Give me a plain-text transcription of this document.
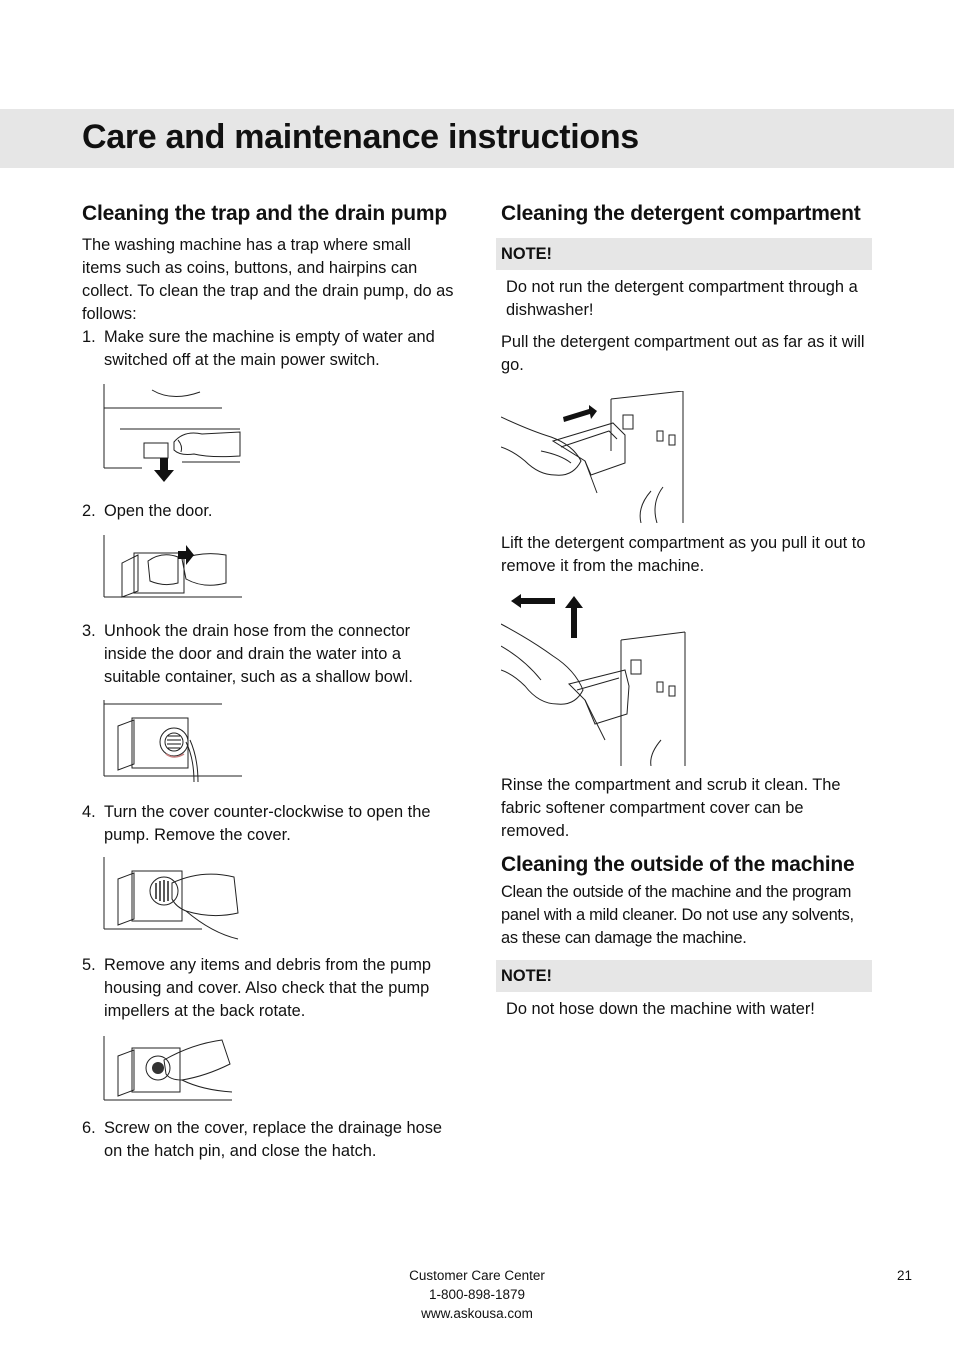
Care and maintenance instructions
Cleaning the trap and the drain pump

The washing machine has a trap where small items such as coins, buttons, and hairpins can collect. To clean the trap and the drain pump, do as follows:

1. Make sure the machine is empty of water and switched off at the main power switch.
2. Open the door.
3. Unhook the drain hose from the connector inside the door and drain the water into a suitable container, such as a shallow bowl.
4. Turn the cover counter-clockwise to open the pump. Remove the cover.
5. Remove any items and debris from the pump housing and cover. Also check that the pump impellers at the back rotate.
6. Screw on the cover, replace the drainage hose on the hatch pin, and close the hatch.
Cleaning the detergent compartment
NOTE!

Do not run the detergent compartment through a dishwasher!

Pull the detergent compartment out as far as it will go.

Lift the detergent compartment as you pull it out to remove it from the machine.

Rinse the compartment and scrub it clean. The fabric softener compartment cover can be removed.

Cleaning the outside of the machine

Clean the outside of the machine and the program panel with a mild cleaner. Do not use any solvents, as these can damage the machine.

NOTE!

Do not hose down the machine with water!

Customer Care Center
1-800-898-1879
www.askousa.com
21
